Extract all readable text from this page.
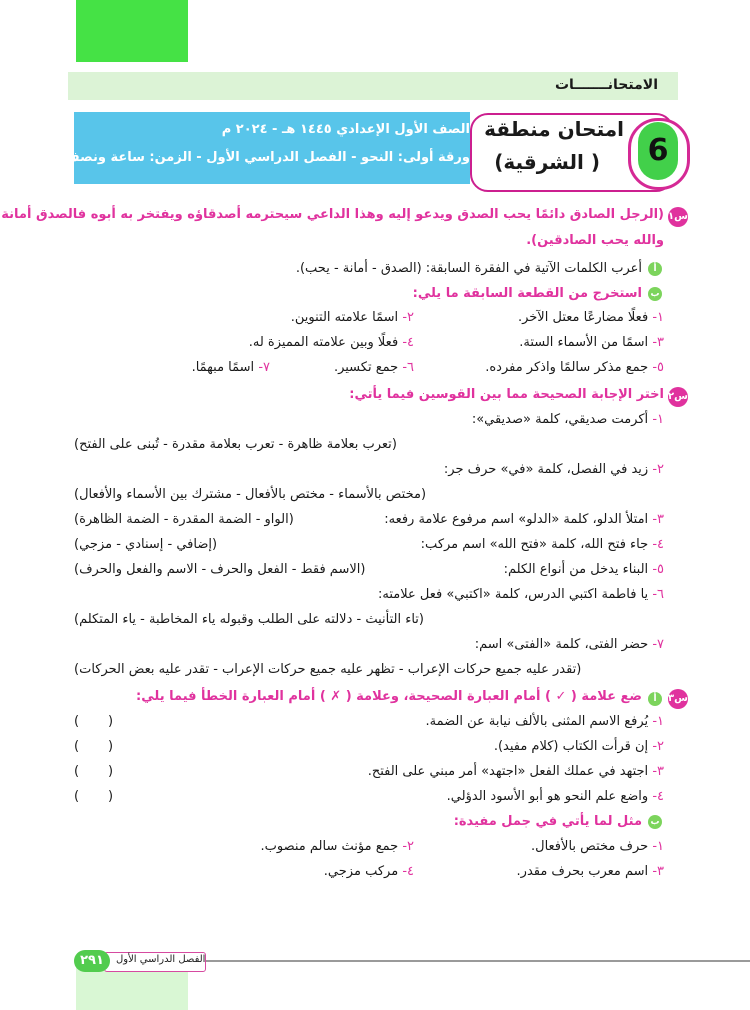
الامتحانـــــــات
الصف الأول الإعدادي ١٤٤٥ هـ - ٢٠٢٤ م
ورقة أولى: النحو - الفصل الدراسي الأول - الزمن: ساعة ونصف
امتحان منطقة
( الشرقية)	6
س١
(الرجل الصادق دائمًا يحب الصدق ويدعو إليه وهذا الداعي سيحترمه أصدقاؤه ويفتخر به أبوه فالصدق أمانة
والله يحب الصادقين).
أ
أعرب الكلمات الآتية في الفقرة السابقة: (الصدق - أمانة - يحب).
ب
استخرج من القطعة السابقة ما يلي:
١- فعلًا مضارعًا معتل الآخر.
٢- اسمًا علامته التنوين.
٣- اسمًا من الأسماء الستة.
٤- فعلًا وبين علامته المميزة له.
٥- جمع مذكر سالمًا واذكر مفرده.
٦- جمع تكسير.
٧- اسمًا مبهمًا.
س٢
اختر الإجابة الصحيحة مما بين القوسين فيما يأتي:
١- أكرمت صديقي، كلمة «صديقي»:
(تعرب بعلامة ظاهرة - تعرب بعلامة مقدرة - تُبنى على الفتح)
٢- زيد في الفصل، كلمة «في» حرف جر:
(مختص بالأسماء - مختص بالأفعال - مشترك بين الأسماء والأفعال)
٣- امتلأ الدلو، كلمة «الدلو» اسم مرفوع علامة رفعه:
(الواو - الضمة المقدرة - الضمة الظاهرة)
٤- جاء فتح الله، كلمة «فتح الله» اسم مركب:
(إضافي - إسنادي - مزجي)
٥- البناء يدخل من أنواع الكلم:
(الاسم فقط - الفعل والحرف - الاسم والفعل والحرف)
٦- يا فاطمة اكتبي الدرس، كلمة «اكتبي» فعل علامته:
(تاء التأنيث - دلالته على الطلب وقبوله ياء المخاطبة - ياء المتكلم)
٧- حضر الفتى، كلمة «الفتى» اسم:
(تقدر عليه جميع حركات الإعراب - تظهر عليه جميع حركات الإعراب - تقدر عليه بعض الحركات)
س٣
أ
ضع علامة ( ✓ ) أمام العبارة الصحيحة، وعلامة ( ✗ ) أمام العبارة الخطأ فيما يلي:
١- يُرفع الاسم المثنى بالألف نيابة عن الضمة.
(       )
٢- إن قرأت الكتاب (كلام مفيد).
(       )
٣- اجتهد في عملك الفعل «اجتهد» أمر مبني على الفتح.
(       )
٤- واضع علم النحو هو أبو الأسود الدؤلي.
(       )
ب
مثل لما يأتي في جمل مفيدة:
١- حرف مختص بالأفعال.
٢- جمع مؤنث سالم منصوب.
٣- اسم معرب بحرف مقدر.
٤- مركب مزجي.
الفصل الدراسي الأول
٢٩١
